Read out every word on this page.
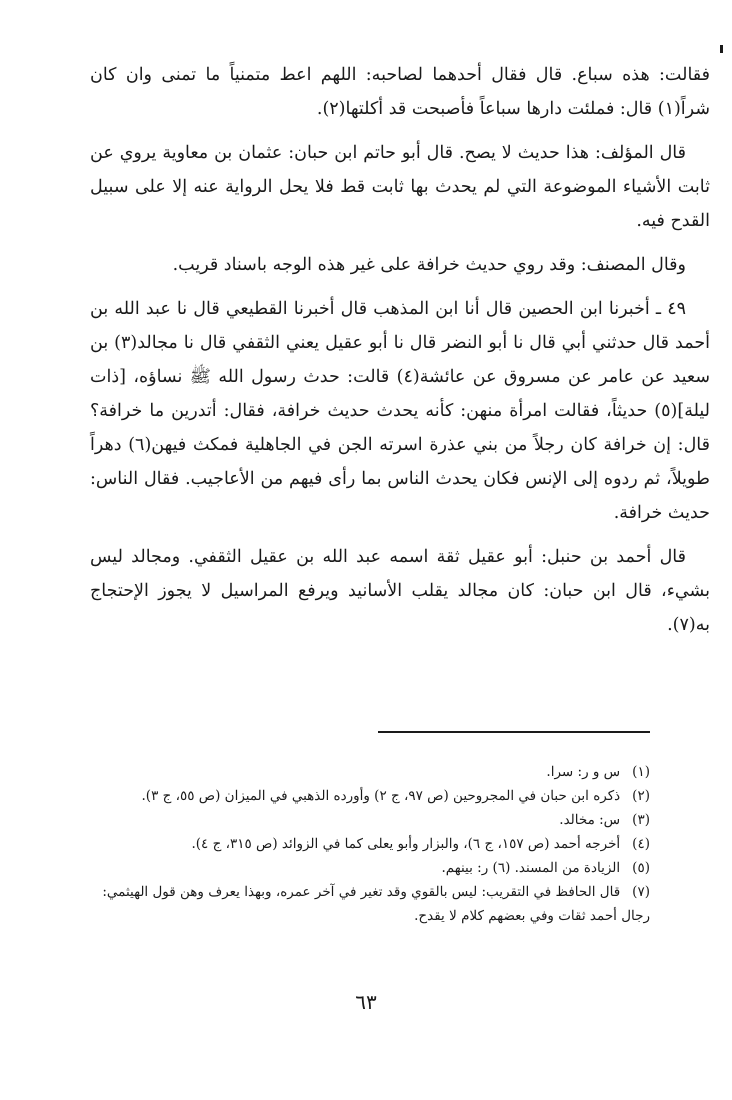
فقالت: هذه سباع. قال فقال أحدهما لصاحبه: اللهم اعط متمنياً ما تمنى وان كان شراً(١) قال: فملئت دارها سباعاً فأصبحت قد أكلتها(٢).

قال المؤلف: هذا حديث لا يصح. قال أبو حاتم ابن حبان: عثمان بن معاوية يروي عن ثابت الأشياء الموضوعة التي لم يحدث بها ثابت قط فلا يحل الرواية عنه إلا على سبيل القدح فيه.

وقال المصنف: وقد روي حديث خرافة على غير هذه الوجه باسناد قريب.

٤٩ ـ أخبرنا ابن الحصين قال أنا ابن المذهب قال أخبرنا القطيعي قال نا عبد الله بن أحمد قال حدثني أبي قال نا أبو النضر قال نا أبو عقيل يعني الثقفي قال نا مجالد(٣) بن سعيد عن عامر عن مسروق عن عائشة(٤) قالت: حدث رسول الله ﷺ نساؤه، [ذات ليلة](٥) حديثاً، فقالت امرأة منهن: كأنه يحدث حديث خرافة، فقال: أتدرين ما خرافة؟ قال: إن خرافة كان رجلاً من بني عذرة اسرته الجن في الجاهلية فمكث فيهن(٦) دهراً طويلاً، ثم ردوه إلى الإنس فكان يحدث الناس بما رأى فيهم من الأعاجيب. فقال الناس: حديث خرافة.

قال أحمد بن حنبل: أبو عقيل ثقة اسمه عبد الله بن عقيل الثقفي. ومجالد ليس بشيء، قال ابن حبان: كان مجالد يقلب الأسانيد ويرفع المراسيل لا يجوز الإحتجاج به(٧).

(١)س و ر: سرا.

(٢)ذكره ابن حبان في المجروحين (ص ٩٧، ج ٢) وأورده الذهبي في الميزان (ص ٥٥، ج ٣).

(٣)س: مخالد.

(٤)أخرجه أحمد (ص ١٥٧، ج ٦)، والبزار وأبو يعلى كما في الزوائد (ص ٣١٥، ج ٤).

(٥)الزيادة من المسند. (٦) ر: بينهم.

(٧)قال الحافظ في التقريب: ليس بالقوي وقد تغير في آخر عمره، وبهذا يعرف وهن قول الهيثمي: رجال أحمد ثقات وفي بعضهم كلام لا يقدح.

٦٣
